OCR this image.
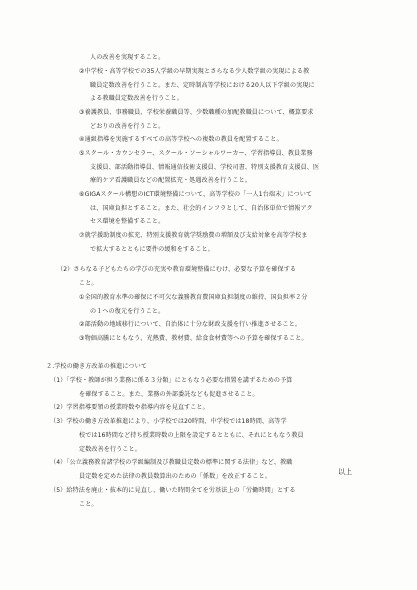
人の改善を実現すること。
②中学校・高等学校での35人学級の早期実現とさらなる少人数学級の実現による教
職員定数改善を行うこと。また、定時制高等学校における20人以下学級の実現に
よる教職員定数改善を行うこと。
③養護教員、事務職員、学校栄養職員等、少数職種の加配教職員について、概算要求
どおりの改善を行うこと。
④通級指導を実施するすべての高等学校への複数の教員を配置すること。
⑤スクール・カウンセラー、スクール・ソーシャルワーカー、学習指導員、教員業務
支援員、部活動指導員、情報通信技術支援員、学校司書、特別支援教育支援員、医
療的ケア看護職員などの配置拡充・処遇改善を行うこと。
⑥GIGAスクール構想のICT環境整備について、高等学校の「一人1台端末」について
は、国庫負担とすること。また、社会的インフラとして、自治体単位で情報アク
セス環境を整備すること。
⑦就学援助制度の拡充、特別支援教育就学奨励費の増額及び支給対象を高等学校ま
で拡大するとともに要件の緩和をすること。
（2）さらなる子どもたちの学びの充実や教育環境整備にむけ、必要な予算を確保する
こと。
①全国的教育水準の確保に不可欠な義務教育費国庫負担制度の維持、国負担率２分
の１への復元を行うこと。
②部活動の地域移行について、自治体に十分な財政支援を行い推進させること。
③物価高騰にともなう、光熱費、教材費、給食食材費等への予算を確保すること。
２.学校の働き方改革の推進について
（1）「学校・教師が担う業務に係る３分類」にともなう必要な措置を講ずるための予算
を確保すること。また、業務の外部委託なども促進させること。
（2）学習指導要領の授業時数や指導内容を見直すこと。
（3）学校の働き方改革推進により、小学校では20時間、中学校では18時間、高等学
校では16時間など持ち授業時数の上限を設定するとともに、それにともなう教員
定数改善を行うこと。
（4）「公立義務教育諸学校の学級編制及び教職員定数の標準に関する法律」など、教職
員定数を定めた法律の教員数算出のための「係数」を改正すること。
（5）給特法を廃止・抜本的に見直し、働いた時間全てを労基法上の「労働時間」とする
こと。
以上
